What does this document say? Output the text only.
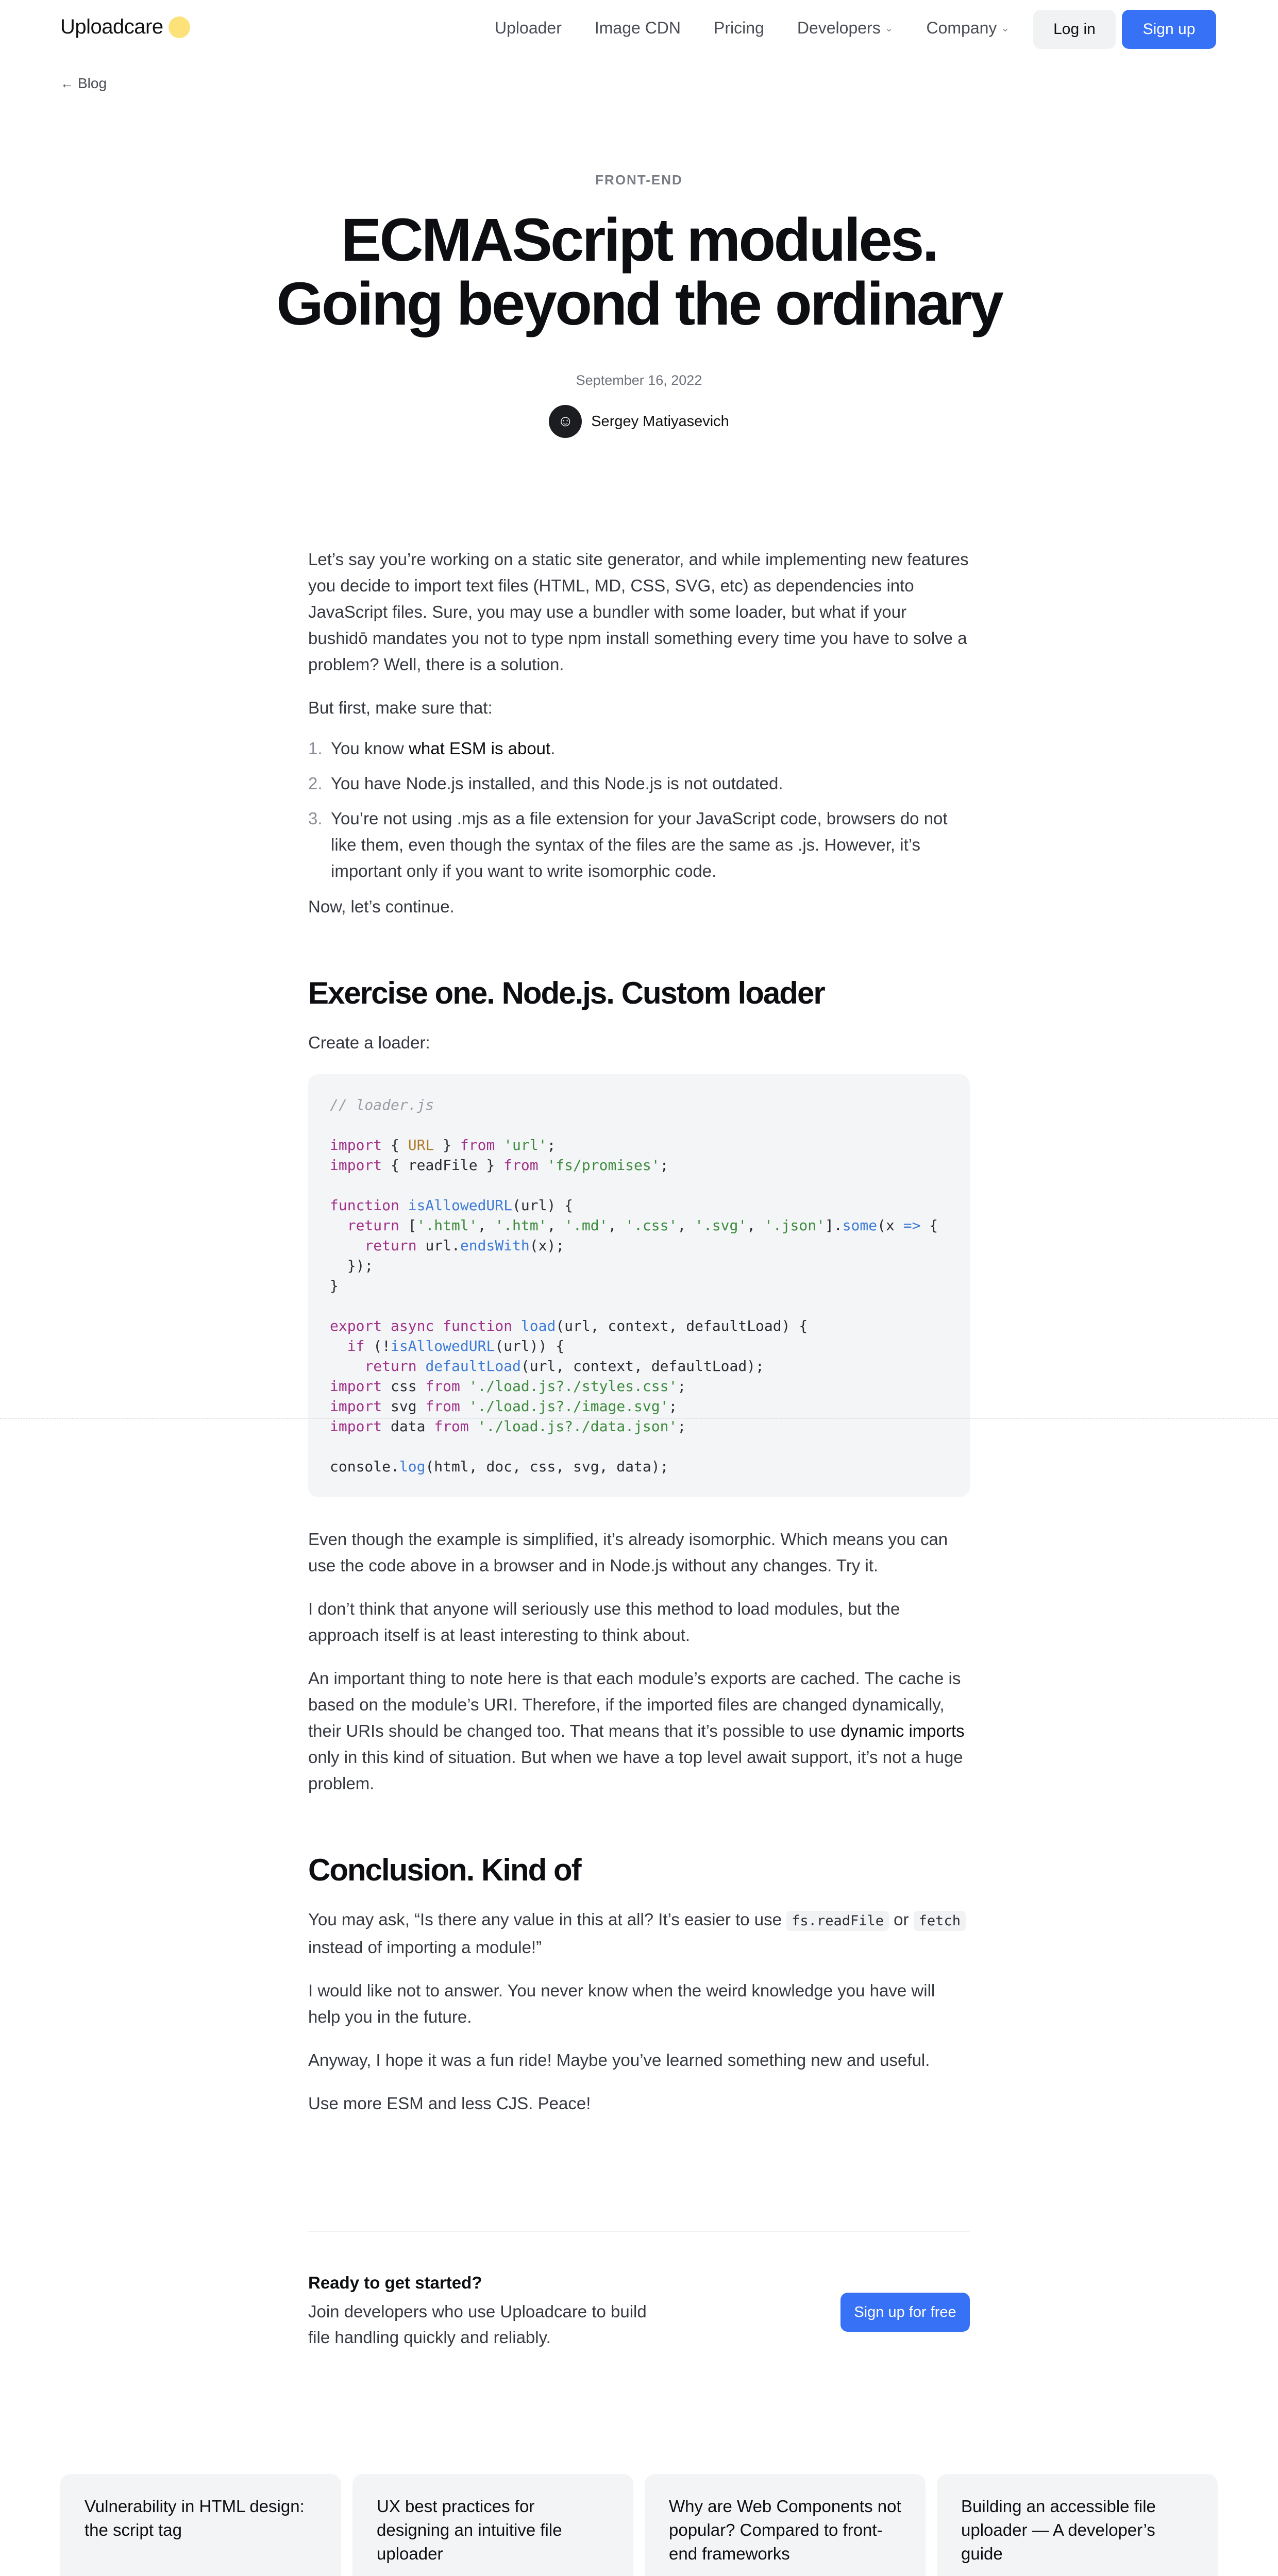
Uploadcare	Uploader Image CDN Pricing Developers ⌄ Company ⌄	Log in	Sign up
← Blog
FRONT-END
ECMAScript modules.
Going beyond the ordinary
September 16, 2022
☺	Sergey Matiyasevich

Let’s say you’re working on a static site generator, and while implementing new features you decide to import text files (HTML, MD, CSS, SVG, etc) as dependencies into JavaScript files. Sure, you may use a bundler with some loader, but what if your bushidō mandates you not to type npm install something every time you have to solve a problem? Well, there is a solution.

But first, make sure that:

1. You know what ESM is about.
2. You have Node.js installed, and this Node.js is not outdated.
3. You’re not using .mjs as a file extension for your JavaScript code, browsers do not like them, even though the syntax of the files are the same as .js. However, it’s important only if you want to write isomorphic code.

Now, let’s continue.

Exercise one. Node.js. Custom loader

Create a loader:

// loader.js
import { URL } from 'url';
import { readFile } from 'fs/promises';
function isAllowedURL(url) {
return ['.html', '.htm', '.md', '.css', '.svg', '.json'].some(x => {
return url.endsWith(x);
});
}
export async function load(url, context, defaultLoad) {
if (!isAllowedURL(url)) {
return defaultLoad(url, context, defaultLoad);
import css from './load.js?./styles.css';
import svg from './load.js?./image.svg';
import data from './load.js?./data.json';
console.log(html, doc, css, svg, data);

Even though the example is simplified, it’s already isomorphic. Which means you can use the code above in a browser and in Node.js without any changes. Try it.

I don’t think that anyone will seriously use this method to load modules, but the approach itself is at least interesting to think about.

An important thing to note here is that each module’s exports are cached. The cache is based on the module’s URI. Therefore, if the imported files are changed dynamically, their URIs should be changed too. That means that it’s possible to use dynamic imports only in this kind of situation. But when we have a top level await support, it’s not a huge problem.

Conclusion. Kind of

You may ask, “Is there any value in this at all? It’s easier to use fs.readFile or fetch instead of importing a module!”

I would like not to answer. You never know when the weird knowledge you have will help you in the future.

Anyway, I hope it was a fun ride! Maybe you’ve learned something new and useful.

Use more ESM and less CJS. Peace!

Ready to get started?
Join developers who use Uploadcare to build file handling quickly and reliably.
Sign up for free
Vulnerability in HTML design: the script tag
UX best practices for designing an intuitive file uploader
Why are Web Components not popular? Compared to front-end frameworks
Building an accessible file uploader — A developer’s guide
